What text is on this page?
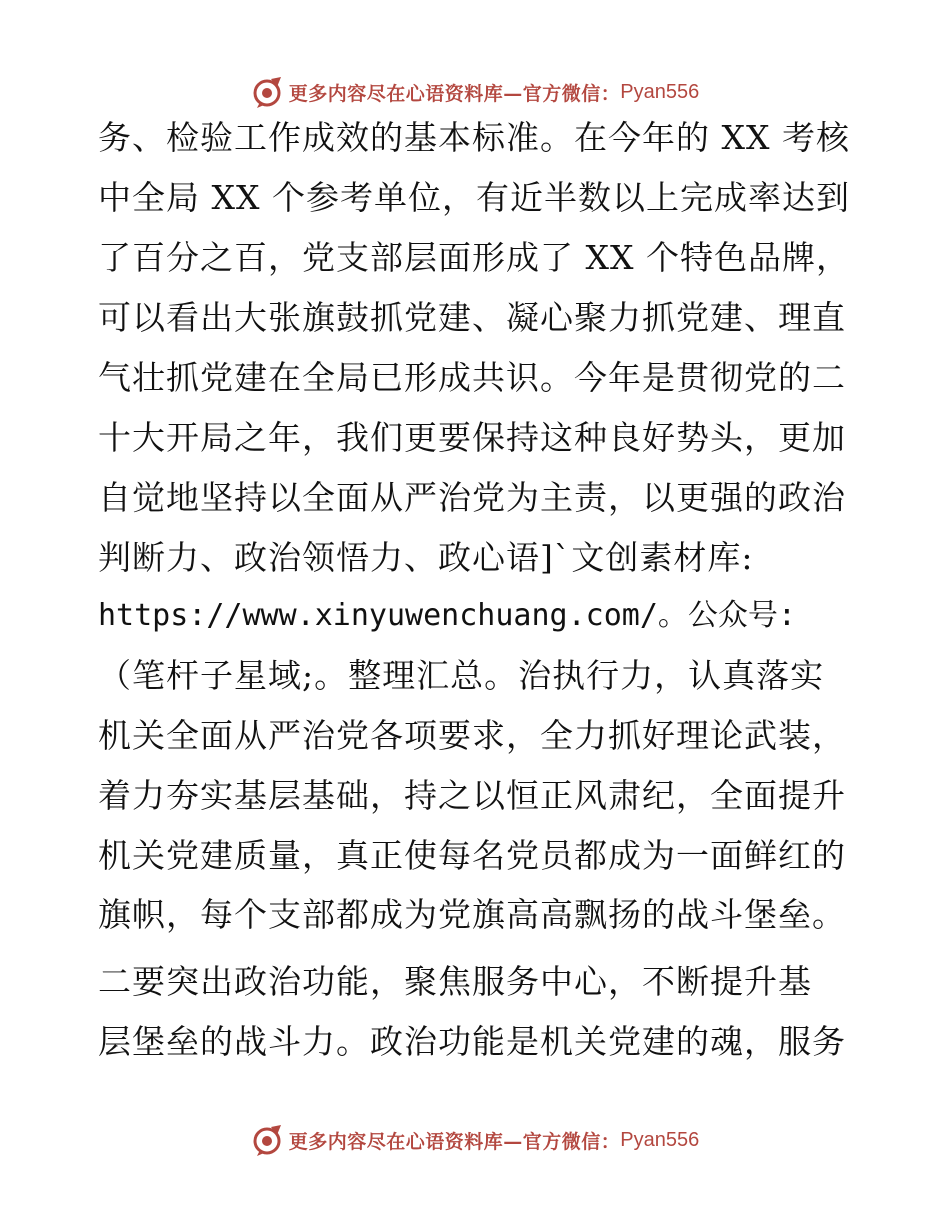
更多内容尽在心语资料库—官方微信： Pyan556
务、检验工作成效的基本标准。在今年的 XX 考核
中全局 XX 个参考单位，有近半数以上完成率达到
了百分之百，党支部层面形成了 XX 个特色品牌，
可以看出大张旗鼓抓党建、凝心聚力抓党建、理直
气壮抓党建在全局已形成共识。今年是贯彻党的二
十大开局之年，我们更要保持这种良好势头，更加
自觉地坚持以全面从严治党为主责，以更强的政治
判断力、政治领悟力、政心语]`文创素材库:
https://www.xinyuwenchuang.com/。公众号:
（笔杆子星域;。整理汇总。治执行力，认真落实
机关全面从严治党各项要求，全力抓好理论武装，
着力夯实基层基础，持之以恒正风肃纪，全面提升
机关党建质量，真正使每名党员都成为一面鲜红的
旗帜，每个支部都成为党旗高高飘扬的战斗堡垒。
二要突出政治功能，聚焦服务中心，不断提升基
层堡垒的战斗力。政治功能是机关党建的魂，服务
更多内容尽在心语资料库—官方微信： Pyan556
